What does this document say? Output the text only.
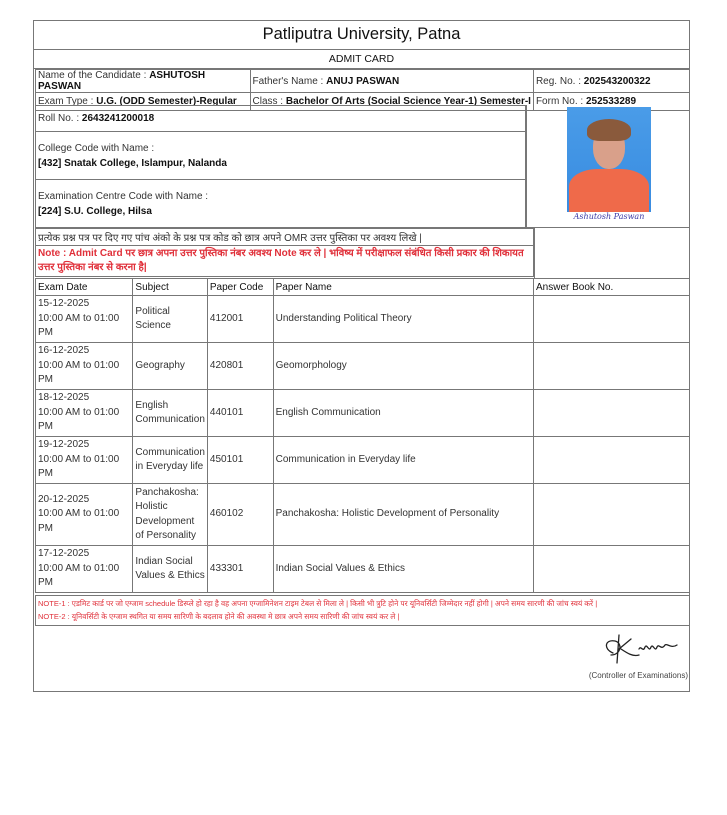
Patliputra University, Patna
ADMIT CARD
Name of the Candidate : ASHUTOSH PASWAN	Father's Name : ANUJ PASWAN	Reg. No. : 202543200322
Exam Type : U.G. (ODD Semester)-Regular	Class : Bachelor Of Arts (Social Science Year-1) Semester-I	Form No. : 252533289
Roll No. : 2643241200018

College Code with Name :
[432] Snatak College, Islampur, Nalanda

Examination Centre Code with Name :
[224] S.U. College, Hilsa	Ashutosh Paswan
प्रत्येक प्रश्न पत्र पर दिए गए पांच अंको के प्रश्न पत्र कोड को छात्र अपने OMR उत्तर पुस्तिका पर अवश्य लिखे |
Note : Admit Card पर छात्र अपना उत्तर पुस्तिका नंबर अवश्य Note कर ले | भविष्य में परीक्षाफल संबंधित किसी प्रकार की शिकायत उत्तर पुस्तिका नंबर से करना है|
Exam Date	Subject	Paper Code	Paper Name	Answer Book No.

15-12-2025
10:00 AM to 01:00 PM	Political Science	412001	Understanding Political Theory	

16-12-2025
10:00 AM to 01:00 PM	Geography	420801	Geomorphology	

18-12-2025
10:00 AM to 01:00 PM	English Communication	440101	English Communication	

19-12-2025
10:00 AM to 01:00 PM	Communication in Everyday life	450101	Communication in Everyday life	

20-12-2025
10:00 AM to 01:00 PM	Panchakosha: Holistic Development of Personality	460102	Panchakosha: Holistic Development of Personality	

17-12-2025
10:00 AM to 01:00 PM	Indian Social Values & Ethics	433301	Indian Social Values & Ethics	
NOTE-1 : एडमिट कार्ड पर जो एग्जाम schedule डिस्प्ले हो रहा है वह अपना एग्जामिनेशन टाइम टेबल से मिला ले | किसी भी त्रुटि होने पर यूनिवर्सिटी जिम्मेदार नहीं होगी | अपने समय सारणी की जांच स्वयं करें |
NOTE-2 : यूनिवर्सिटी के एग्जाम स्थगित या समय सारिणी के बदलाव होने की अवस्था मे छात्र अपने समय सारिणी की जांच स्वयं कर ले |
(Controller of Examinations)
